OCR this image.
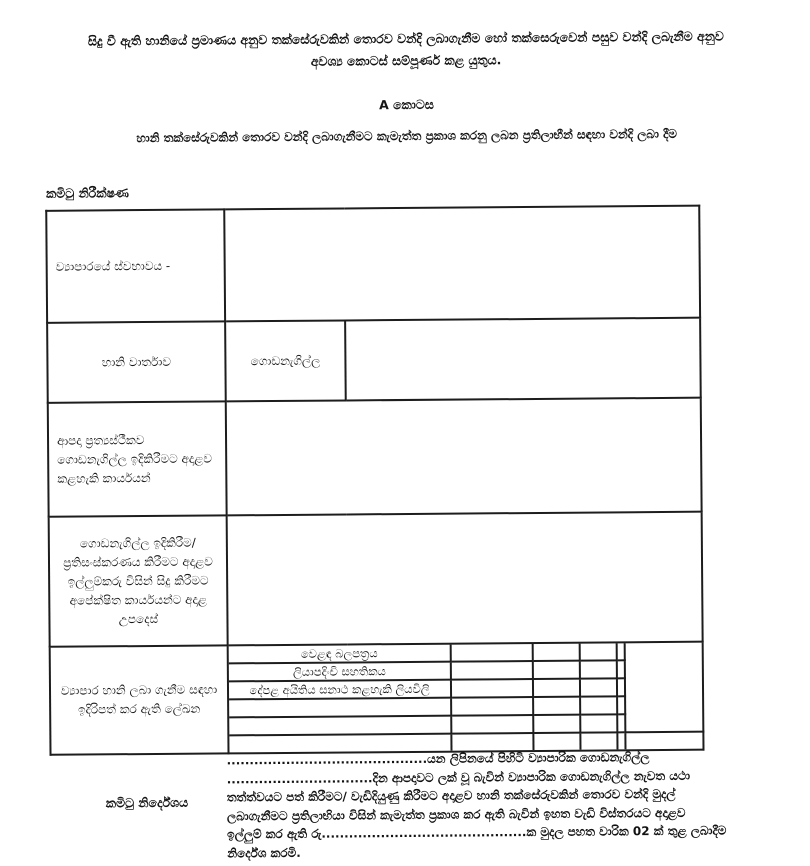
සිදු වී ඇති හානියේ ප්‍රමාණය අනුව තක්සේරුවකින් තොරව වන්දි ලබාගැනීම හෝ තක්සෙරුවෙන් පසුව වන්දි ලබැනීම අනුව
අවශ්‍ය කොටස් සම්පූර්ණ කළ යුතුය.
A කොටස
හානි තක්සේරුවකින් තොරව වන්දි ලබාගැනීමට කැමැත්ත ප්‍රකාශ කරනු ලබන ප්‍රතිලාභීන් සඳහා වන්දි ලබා දීම
කමිටු නිරීක්ෂණ
ව්‍යාපාරයේ ස්වභාවය -	
හානි වාර්තාව	ගොඩනැගිල්ල	
ආපදා ප්‍රත්‍යස්ථීකව ගොඩනැගිල්ල ඉදිකිරීමට අදාළව කළහැකි කාර්යයන්	
ගොඩනැගිල්ල ඉදිකිරීම/ප්‍රතිසංස්කරණය කිරීමට අදාළව ඉල්ලුම්කරු විසින් සිදු කිරීමට අපේක්ෂිත කාර්යයන්ට අදාළ උපදෙස්	
ව්‍යාපාර හානි ලබා ගැනීම සඳහා ඉදිරිපත් කර ඇති ලේඛන	
වෙළඳ බලපත්‍රය					
ලියාපදිංචි සහතිකය				
දේපළ අයිතිය සනාථ කළහැකි ලියවිලි				

කමිටු නිර්දේශය
............................................යන ලිපිනයේ පිහිටි ව්‍යාපාරික ගොඩනැගිල්ල
................................දින ආපදාවට ලක් වූ බැවින් ව්‍යාපාරික ගොඩනැගිල්ල නැවත යථා
තත්ත්වයට පත් කිරීමට/ වැඩිදියුණු කිරීමට අදාළව හානි තක්සේරුවකින් තොරව වන්දි මුදල්
ලබාගැනීමට ප්‍රතිලාභියා විසින් කැමැත්ත ප්‍රකාශ කර ඇති බැවින් ඉහත වැඩි විස්තරයට අදාළව
ඉල්ලුම් කර ඇති රු.............................................ක මුදල පහත වාරික 02 ක් තුළ ලබාදීම
නිර්දේශ කරමි.
